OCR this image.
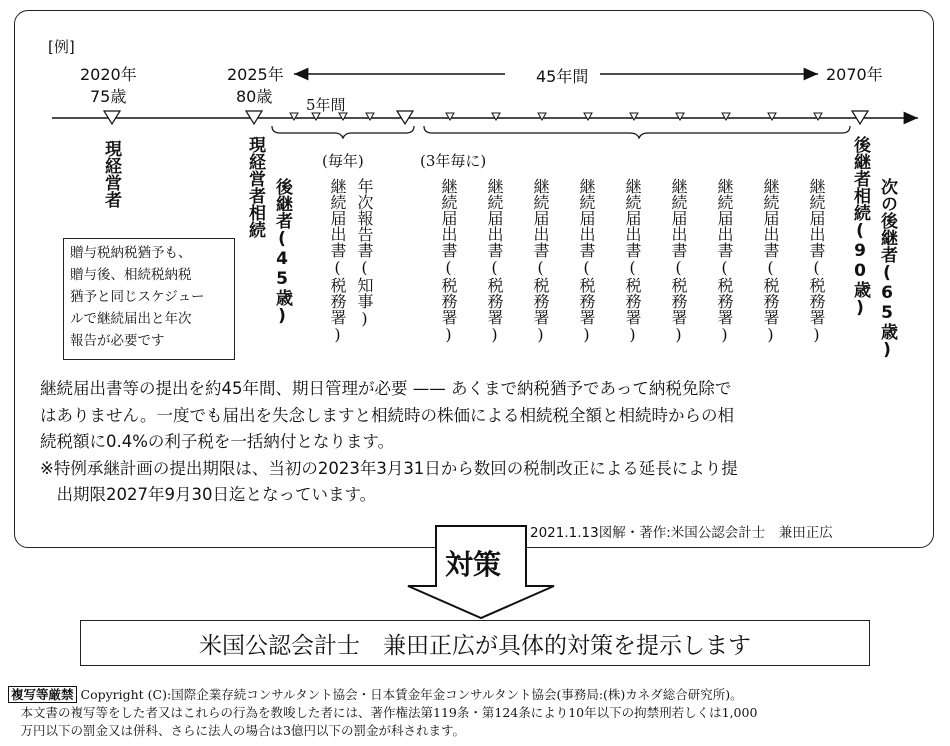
[例]
2020年
75歳
2025年
80歳
45年間	2070年
5年間
現経営者	現経営者相続 後継者(45歳)
(毎年)
継続届出書(税務署) 年次報告書(知事)
(3年毎に)
継続届出書(税務署) 継続届出書(税務署) 継続届出書(税務署) 継続届出書(税務署) 継続届出書(税務署) 継続届出書(税務署) 継続届出書(税務署) 継続届出書(税務署) 継続届出書(税務署) 後継者相続(90歳) 次の後継者(65歳)
贈与税納税猶予も、
贈与後、相続税納税
猶予と同じスケジュー
ルで継続届出と年次
報告が必要です
継続届出書等の提出を約45年間、期日管理が必要 —— あくまで納税猶予であって納税免除で
はありません。一度でも届出を失念しますと相続時の株価による相続税全額と相続時からの相
続税額に0.4%の利子税を一括納付となります。
※特例承継計画の提出期限は、当初の2023年3月31日から数回の税制改正による延長により提
　出期限2027年9月30日迄となっています。
2021.1.13図解・著作:米国公認会計士　兼田正広
対策
米国公認会計士　兼田正広が具体的対策を提示します
複写等厳禁 Copyright (C):国際企業存続コンサルタント協会・日本賃金年金コンサルタント協会(事務局:(株)カネダ総合研究所)。
　本文書の複写等をした者又はこれらの行為を教唆した者には、著作権法第119条・第124条により10年以下の拘禁刑若しくは1,000
　万円以下の罰金又は併科、さらに法人の場合は3億円以下の罰金が科されます。
